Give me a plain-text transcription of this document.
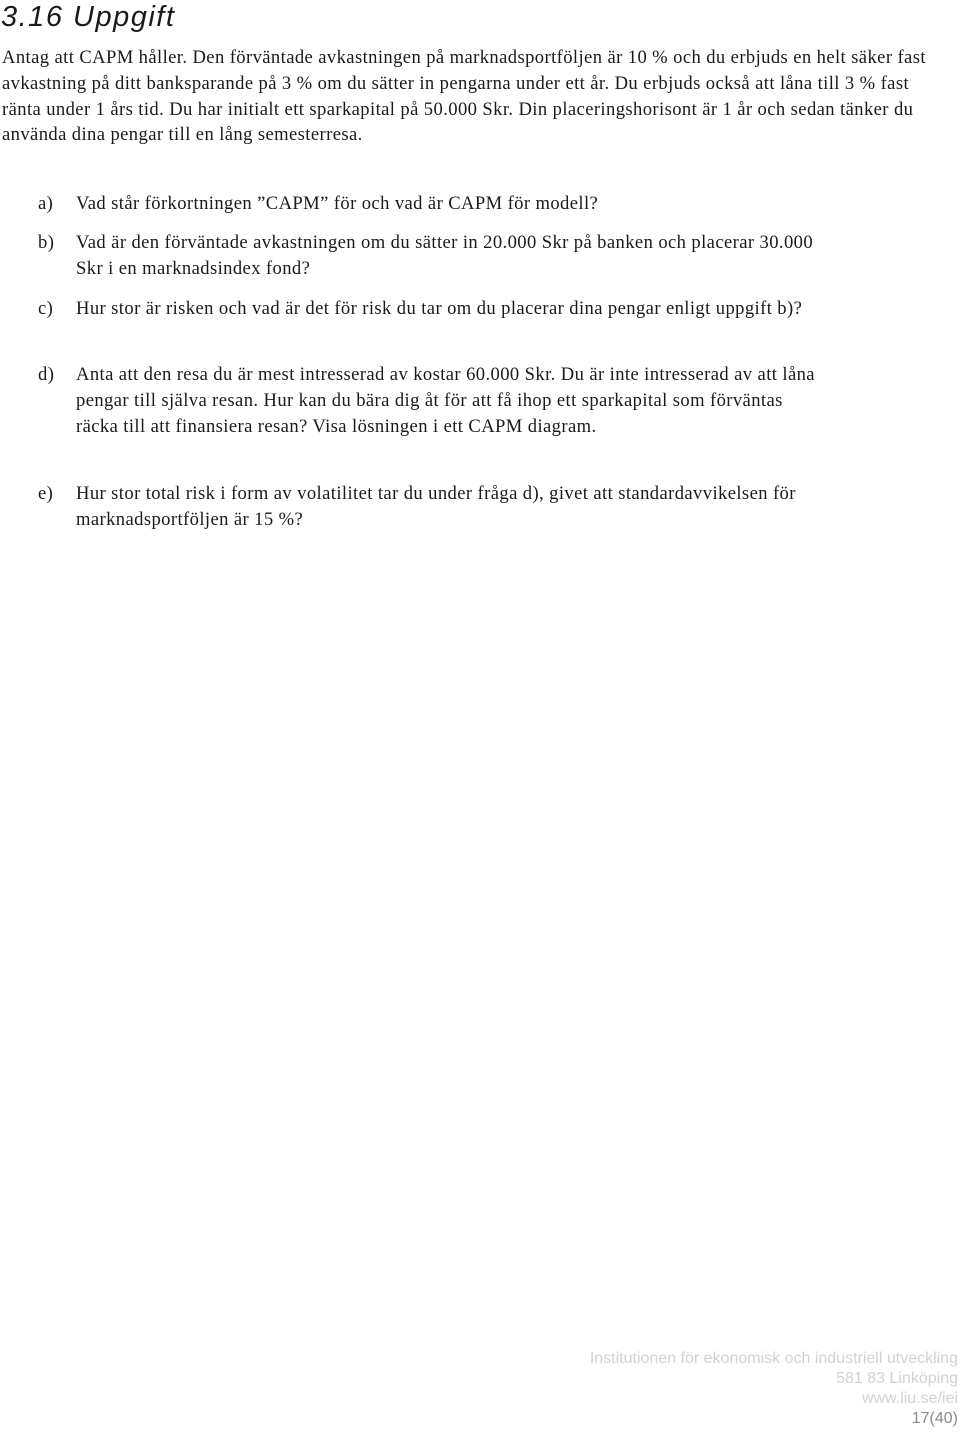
3.16 Uppgift

Antag att CAPM håller. Den förväntade avkastningen på marknadsportföljen är 10 % och du erbjuds en helt säker fast avkastning på ditt banksparande på 3 % om du sätter in pengarna under ett år. Du erbjuds också att låna till 3 % fast ränta under 1 års tid. Du har initialt ett sparkapital på 50.000 Skr. Din placeringshorisont är 1 år och sedan tänker du använda dina pengar till en lång semesterresa.

a) Vad står förkortningen ”CAPM” för och vad är CAPM för modell?
b) Vad är den förväntade avkastningen om du sätter in 20.000 Skr på banken och placerar 30.000 Skr i en marknadsindex fond?
c) Hur stor är risken och vad är det för risk du tar om du placerar dina pengar enligt uppgift b)?
d) Anta att den resa du är mest intresserad av kostar 60.000 Skr. Du är inte intresserad av att låna pengar till själva resan. Hur kan du bära dig åt för att få ihop ett sparkapital som förväntas räcka till att finansiera resan? Visa lösningen i ett CAPM diagram.
e) Hur stor total risk i form av volatilitet tar du under fråga d), givet att standardavvikelsen för marknadsportföljen är 15 %?
Institutionen för ekonomisk och industriell utveckling
581 83 Linköping
www.liu.se/iei
17(40)
